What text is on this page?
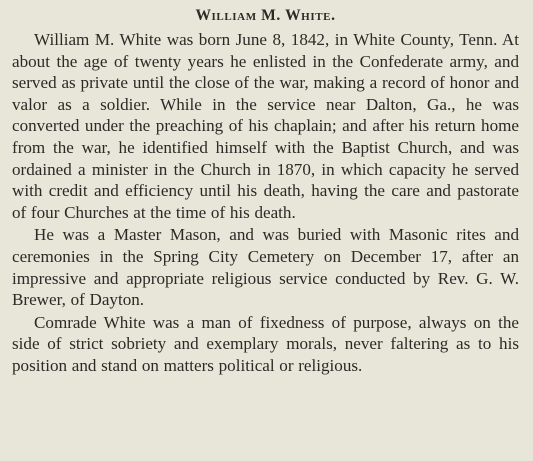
William M. White.

William M. White was born June 8, 1842, in White County, Tenn. At about the age of twenty years he enlisted in the Confederate army, and served as private until the close of the war, making a record of honor and valor as a soldier. While in the service near Dalton, Ga., he was converted under the preaching of his chaplain; and after his return home from the war, he identified himself with the Baptist Church, and was ordained a minister in the Church in 1870, in which capacity he served with credit and efficiency until his death, having the care and pastorate of four Churches at the time of his death.

He was a Master Mason, and was buried with Masonic rites and ceremonies in the Spring City Cemetery on December 17, after an impressive and appropriate religious service conducted by Rev. G. W. Brewer, of Dayton.

Comrade White was a man of fixedness of purpose, always on the side of strict sobriety and exemplary morals, never faltering as to his position and stand on matters political or religious.
